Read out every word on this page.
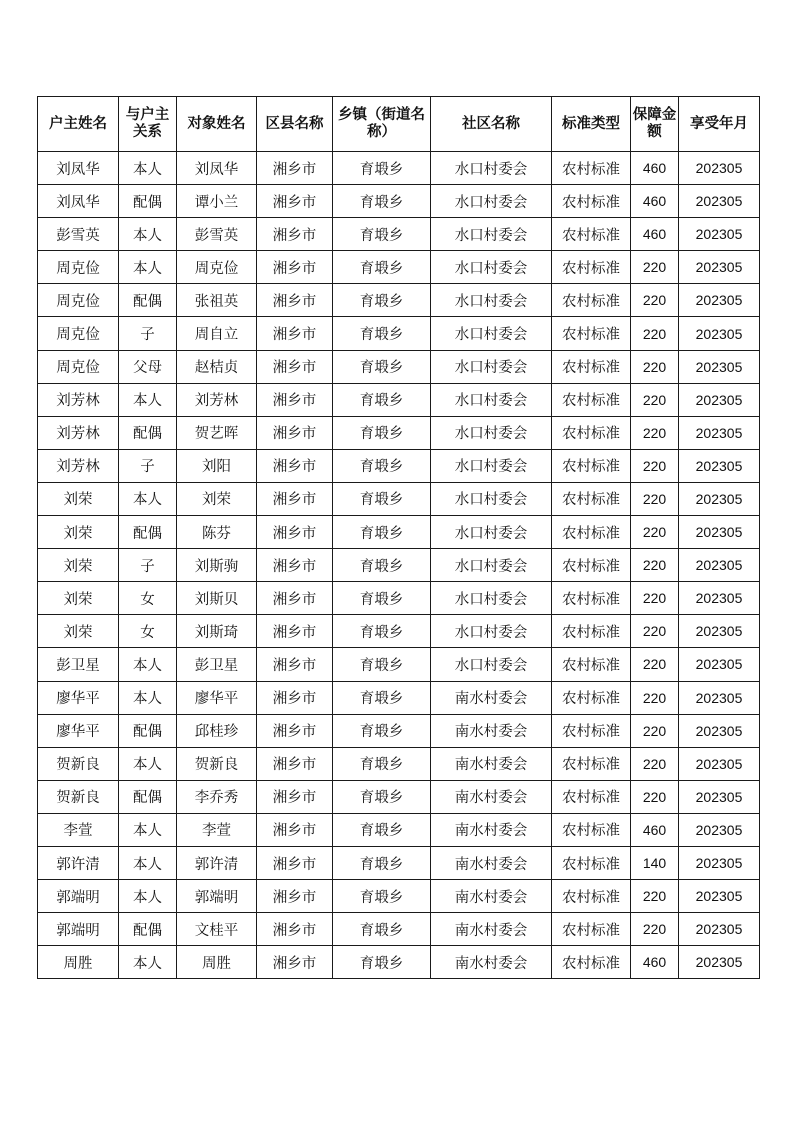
户主姓名	与户主关系	对象姓名	区县名称	乡镇（街道名称）	社区名称	标准类型	保障金额	享受年月
刘凤华	本人	刘凤华	湘乡市	育塅乡	水口村委会	农村标准	460	202305
刘凤华	配偶	谭小兰	湘乡市	育塅乡	水口村委会	农村标准	460	202305
彭雪英	本人	彭雪英	湘乡市	育塅乡	水口村委会	农村标准	460	202305
周克俭	本人	周克俭	湘乡市	育塅乡	水口村委会	农村标准	220	202305
周克俭	配偶	张祖英	湘乡市	育塅乡	水口村委会	农村标准	220	202305
周克俭	子	周自立	湘乡市	育塅乡	水口村委会	农村标准	220	202305
周克俭	父母	赵桔贞	湘乡市	育塅乡	水口村委会	农村标准	220	202305
刘芳林	本人	刘芳林	湘乡市	育塅乡	水口村委会	农村标准	220	202305
刘芳林	配偶	贺艺晖	湘乡市	育塅乡	水口村委会	农村标准	220	202305
刘芳林	子	刘阳	湘乡市	育塅乡	水口村委会	农村标准	220	202305
刘荣	本人	刘荣	湘乡市	育塅乡	水口村委会	农村标准	220	202305
刘荣	配偶	陈芬	湘乡市	育塅乡	水口村委会	农村标准	220	202305
刘荣	子	刘斯驹	湘乡市	育塅乡	水口村委会	农村标准	220	202305
刘荣	女	刘斯贝	湘乡市	育塅乡	水口村委会	农村标准	220	202305
刘荣	女	刘斯琦	湘乡市	育塅乡	水口村委会	农村标准	220	202305
彭卫星	本人	彭卫星	湘乡市	育塅乡	水口村委会	农村标准	220	202305
廖华平	本人	廖华平	湘乡市	育塅乡	南水村委会	农村标准	220	202305
廖华平	配偶	邱桂珍	湘乡市	育塅乡	南水村委会	农村标准	220	202305
贺新良	本人	贺新良	湘乡市	育塅乡	南水村委会	农村标准	220	202305
贺新良	配偶	李乔秀	湘乡市	育塅乡	南水村委会	农村标准	220	202305
李萱	本人	李萱	湘乡市	育塅乡	南水村委会	农村标准	460	202305
郭许清	本人	郭许清	湘乡市	育塅乡	南水村委会	农村标准	140	202305
郭端明	本人	郭端明	湘乡市	育塅乡	南水村委会	农村标准	220	202305
郭端明	配偶	文桂平	湘乡市	育塅乡	南水村委会	农村标准	220	202305
周胜	本人	周胜	湘乡市	育塅乡	南水村委会	农村标准	460	202305
